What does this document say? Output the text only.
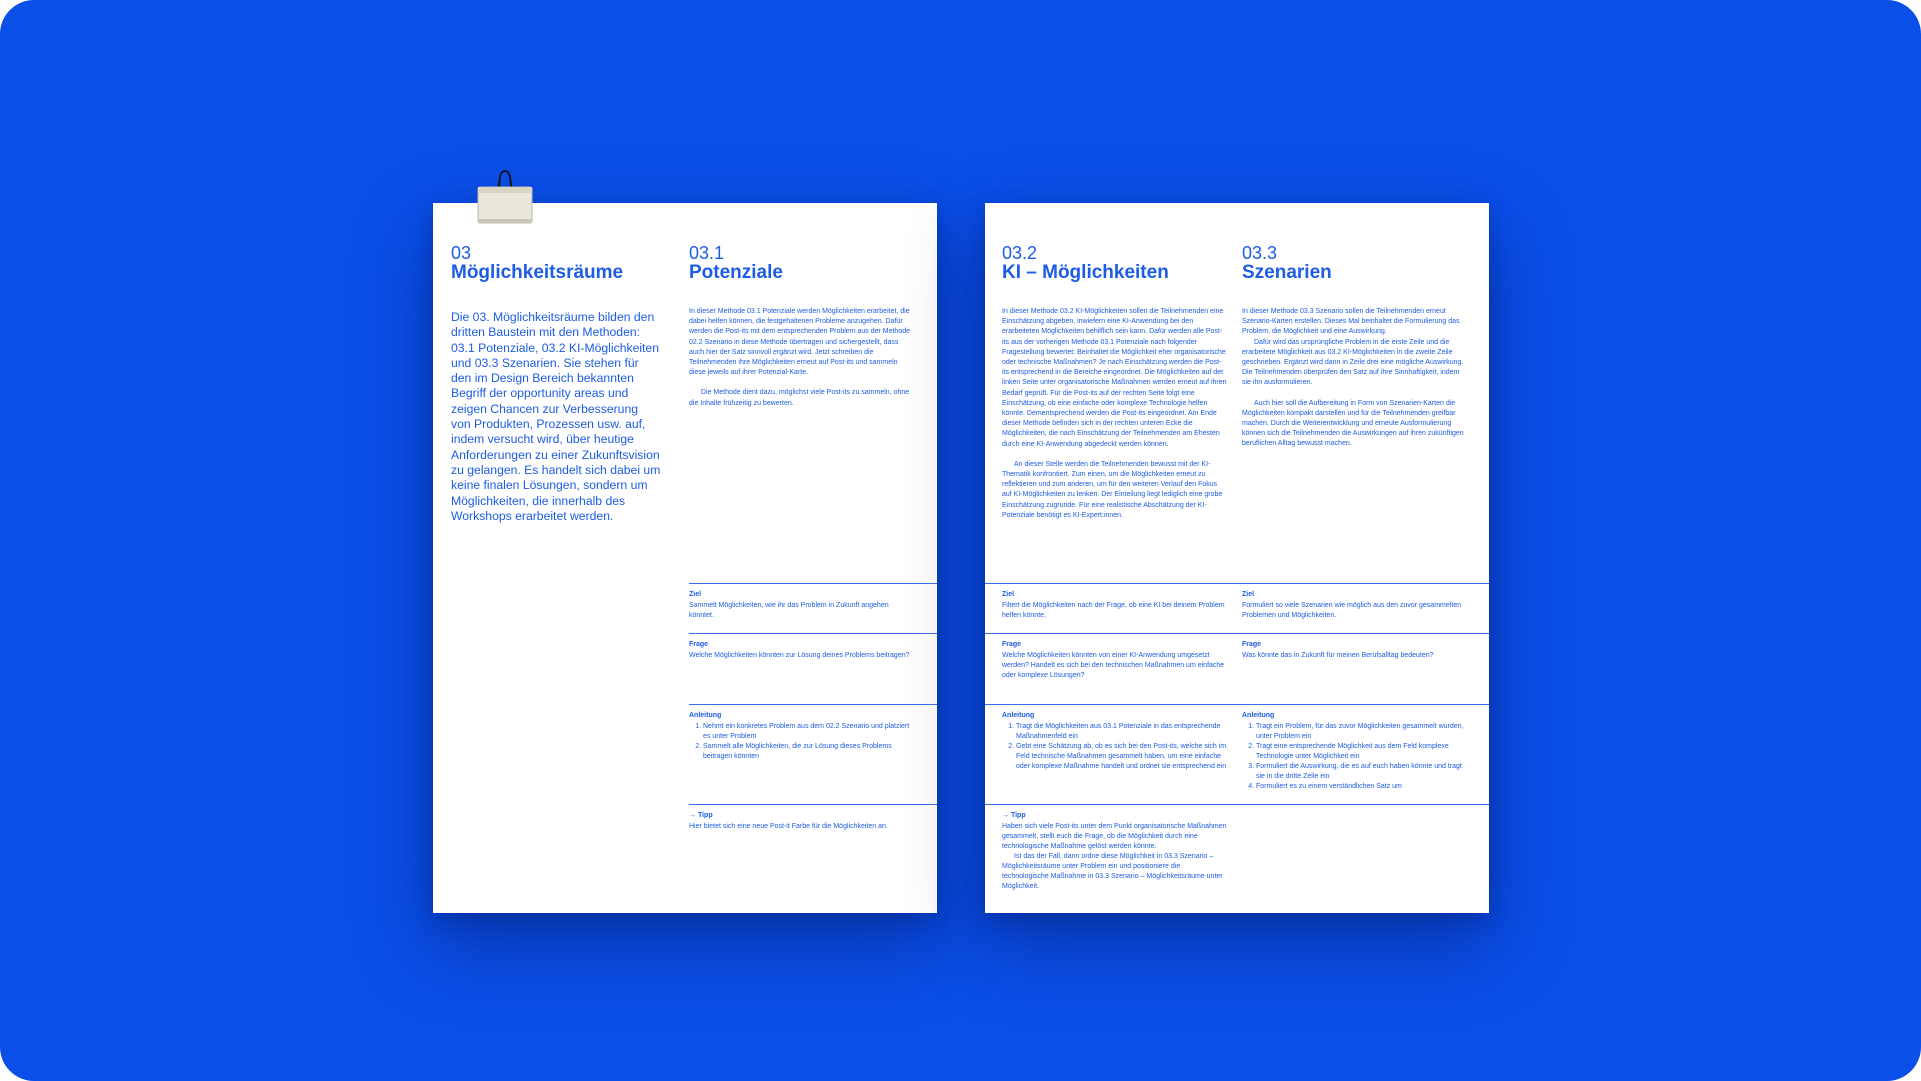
03
Möglichkeitsräume
Die 03. Möglichkeitsräume bilden den dritten Baustein mit den Methoden: 03.1 Potenziale, 03.2 KI-Möglichkeiten und 03.3 Szenarien. Sie stehen für den im Design Bereich bekannten Begriff der opportunity areas und zeigen Chancen zur Verbesserung von Produkten, Prozessen usw. auf, indem versucht wird, über heutige Anforderungen zu einer Zukunftsvision zu gelangen. Es handelt sich dabei um keine finalen Lösungen, sondern um Möglichkeiten, die innerhalb des Workshops erarbeitet werden.
03.1
Potenziale

In dieser Methode 03.1 Potenziale werden Möglichkeiten erarbeitet, die dabei helfen können, die festgehaltenen Probleme anzugehen. Dafür werden die Post-its mit dem entsprechenden Problem aus der Methode 02.2 Szenario in diese Methode übertragen und sichergestellt, dass auch hier der Satz sinnvoll ergänzt wird. Jetzt schreiben die Teilnehmenden ihre Möglichkeiten erneut auf Post-its und sammeln diese jeweils auf ihrer Potenzial-Karte.

Die Methode dient dazu, möglichst viele Post-its zu sammeln, ohne die Inhalte frühzeitig zu bewerten.

Ziel
Sammelt Möglichkeiten, wie ihr das Problem in Zukunft angehen könntet.
Frage
Welche Möglichkeiten könnten zur Lösung deines Problems beitragen?
Anleitung
1. Nehmt ein konkretes Problem aus dem 02.2 Szenario und platziert es unter Problem
2. Sammelt alle Möglichkeiten, die zur Lösung dieses Problems beitragen könnten
→ Tipp
Hier bietet sich eine neue Post-it Farbe für die Möglichkeiten an.
03.2
KI – Möglichkeiten

In dieser Methode 03.2 KI-Möglichkeiten sollen die Teilnehmenden eine Einschätzung abgeben, inwiefern eine KI-Anwendung bei den erarbeiteten Möglichkeiten behilflich sein kann. Dafür werden alle Post-its aus der vorherigen Methode 03.1 Potenziale nach folgender Fragestellung bewertet: Beinhaltet die Möglichkeit eher organisatorische oder technische Maßnahmen? Je nach Einschätzung werden die Post-its entsprechend in die Bereiche eingeordnet. Die Möglichkeiten auf der linken Seite unter organisatorische Maßnahmen werden erneut auf ihren Bedarf geprüft. Für die Post-its auf der rechten Seite folgt eine Einschätzung, ob eine einfache oder komplexe Technologie helfen könnte. Dementsprechend werden die Post-its eingeordnet. Am Ende dieser Methode befinden sich in der rechten unteren Ecke die Möglichkeiten, die nach Einschätzung der Teilnehmenden am Ehesten durch eine KI-Anwendung abgedeckt werden können.

An dieser Stelle werden die Teilnehmenden bewusst mit der KI-Thematik konfrontiert. Zum einen, um die Möglichkeiten erneut zu reflektieren und zum anderen, um für den weiteren Verlauf den Fokus auf KI-Möglichkeiten zu lenken. Der Einteilung liegt lediglich eine grobe Einschätzung zugrunde. Für eine realistische Abschätzung der KI-Potenziale benötigt es KI-Expert:innen.

03.3
Szenarien

In dieser Methode 03.3 Szenario sollen die Teilnehmenden erneut Szenario-Karten erstellen. Dieses Mal beinhaltet die Formulierung das Problem, die Möglichkeit und eine Auswirkung.

Dafür wird das ursprüngliche Problem in die erste Zeile und die erarbeitete Möglichkeit aus 03.2 KI-Möglichkeiten in die zweite Zeile geschrieben. Ergänzt wird dann in Zeile drei eine mögliche Auswirkung. Die Teilnehmenden überprüfen den Satz auf ihre Sinnhaftigkeit, indem sie ihn ausformulieren.

Auch hier soll die Aufbereitung in Form von Szenarien-Karten die Möglichkeiten kompakt darstellen und für die Teilnehmenden greifbar machen. Durch die Weiterentwicklung und erneute Ausformulierung können sich die Teilnehmenden die Auswirkungen auf ihren zukünftigen beruflichen Alltag bewusst machen.

Ziel
Filtert die Möglichkeiten nach der Frage, ob eine KI bei deinem Problem helfen könnte.
Ziel
Formuliert so viele Szenarien wie möglich aus den zuvor gesammelten Problemen und Möglichkeiten.
Frage
Welche Möglichkeiten könnten von einer KI-Anwendung umgesetzt werden? Handelt es sich bei den technischen Maßnahmen um einfache oder komplexe Lösungen?
Frage
Was könnte das in Zukunft für meinen Berufsalltag bedeuten?
Anleitung
1. Tragt die Möglichkeiten aus 03.1 Potenziale in das entsprechende Maßnahmenfeld ein
2. Gebt eine Schätzung ab, ob es sich bei den Post-its, welche sich im Feld technische Maßnahmen gesammelt haben, um eine einfache oder komplexe Maßnahme handelt und ordnet sie entsprechend ein
Anleitung
1. Tragt ein Problem, für das zuvor Möglichkeiten gesammelt wurden, unter Problem ein
2. Tragt eine entsprechende Möglichkeit aus dem Feld komplexe Technologie unter Möglichkeit ein
3. Formuliert die Auswirkung, die es auf euch haben könnte und tragt sie in die dritte Zeile ein
4. Formuliert es zu einem verständlichen Satz um
→ Tipp
Haben sich viele Post-its unter dem Punkt organisatorische Maßnahmen gesammelt, stellt euch die Frage, ob die Möglichkeit durch eine technologische Maßnahme gelöst werden könnte.
Ist das der Fall, dann ordne diese Möglichkeit in 03.3 Szenario – Möglichkeitsräume unter Problem ein und positioniere die technologische Maßnahme in 03.3 Szenario – Möglichkeitsräume unter Möglichkeit.
